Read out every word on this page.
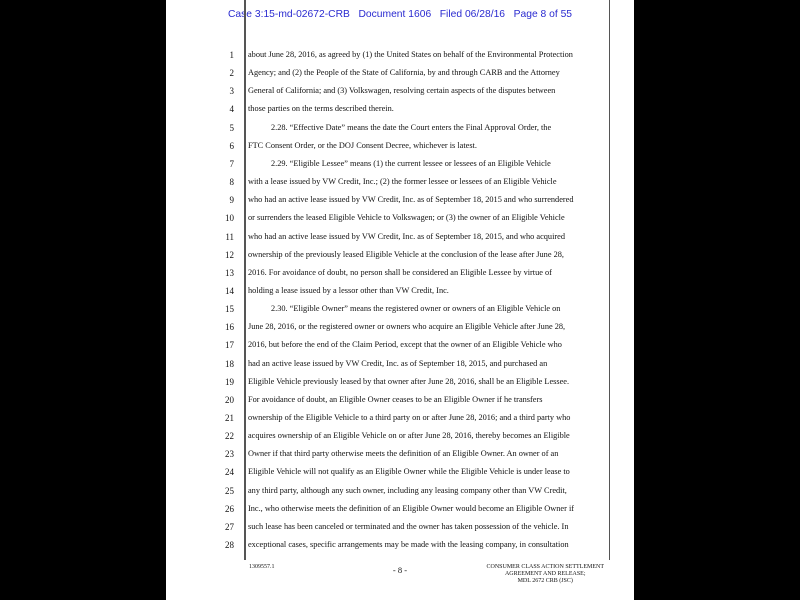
Case 3:15-md-02672-CRB Document 1606 Filed 06/28/16 Page 8 of 55
1 about June 28, 2016, as agreed by (1) the United States on behalf of the Environmental Protection
2 Agency; and (2) the People of the State of California, by and through CARB and the Attorney
3 General of California; and (3) Volkswagen, resolving certain aspects of the disputes between
4 those parties on the terms described therein.
5	2.28. “Effective Date” means the date the Court enters the Final Approval Order, the
6 FTC Consent Order, or the DOJ Consent Decree, whichever is latest.
7	2.29. “Eligible Lessee” means (1) the current lessee or lessees of an Eligible Vehicle
8 with a lease issued by VW Credit, Inc.; (2) the former lessee or lessees of an Eligible Vehicle
9 who had an active lease issued by VW Credit, Inc. as of September 18, 2015 and who surrendered
10 or surrenders the leased Eligible Vehicle to Volkswagen; or (3) the owner of an Eligible Vehicle
11 who had an active lease issued by VW Credit, Inc. as of September 18, 2015, and who acquired
12 ownership of the previously leased Eligible Vehicle at the conclusion of the lease after June 28,
13 2016. For avoidance of doubt, no person shall be considered an Eligible Lessee by virtue of
14 holding a lease issued by a lessor other than VW Credit, Inc.
15	2.30. “Eligible Owner” means the registered owner or owners of an Eligible Vehicle on
16 June 28, 2016, or the registered owner or owners who acquire an Eligible Vehicle after June 28,
17 2016, but before the end of the Claim Period, except that the owner of an Eligible Vehicle who
18 had an active lease issued by VW Credit, Inc. as of September 18, 2015, and purchased an
19 Eligible Vehicle previously leased by that owner after June 28, 2016, shall be an Eligible Lessee.
20 For avoidance of doubt, an Eligible Owner ceases to be an Eligible Owner if he transfers
21 ownership of the Eligible Vehicle to a third party on or after June 28, 2016; and a third party who
22 acquires ownership of an Eligible Vehicle on or after June 28, 2016, thereby becomes an Eligible
23 Owner if that third party otherwise meets the definition of an Eligible Owner. An owner of an
24 Eligible Vehicle will not qualify as an Eligible Owner while the Eligible Vehicle is under lease to
25 any third party, although any such owner, including any leasing company other than VW Credit,
26 Inc., who otherwise meets the definition of an Eligible Owner would become an Eligible Owner if
27 such lease has been canceled or terminated and the owner has taken possession of the vehicle. In
28 exceptional cases, specific arrangements may be made with the leasing company, in consultation
1309557.1	- 8 -	CONSUMER CLASS ACTION SETTLEMENT
AGREEMENT AND RELEASE;
MDL 2672 CRB (JSC)
